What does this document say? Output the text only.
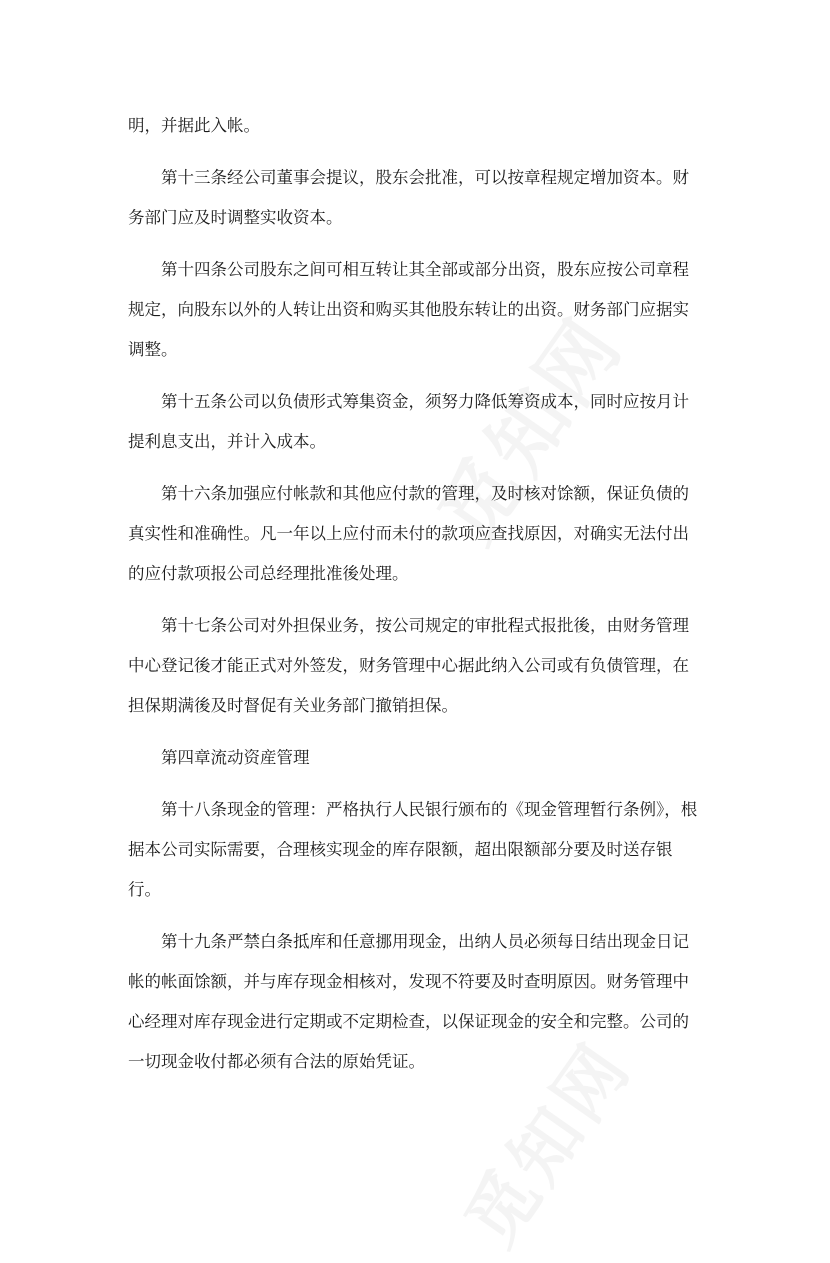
明，并据此入帐。
第十三条经公司董事会提议，股东会批准，可以按章程规定增加资本。财
务部门应及时调整实收资本。
第十四条公司股东之间可相互转让其全部或部分出资，股东应按公司章程
规定，向股东以外的人转让出资和购买其他股东转让的出资。财务部门应据实
调整。
第十五条公司以负债形式筹集资金，须努力降低筹资成本，同时应按月计
提利息支出，并计入成本。
第十六条加强应付帐款和其他应付款的管理，及时核对馀额，保证负债的
真实性和准确性。凡一年以上应付而未付的款项应查找原因，对确实无法付出
的应付款项报公司总经理批准後处理。
第十七条公司对外担保业务，按公司规定的审批程式报批後，由财务管理
中心登记後才能正式对外签发，财务管理中心据此纳入公司或有负债管理，在
担保期满後及时督促有关业务部门撤销担保。
第四章流动资産管理
第十八条现金的管理：严格执行人民银行颁布的《现金管理暂行条例》，根
据本公司实际需要，合理核实现金的库存限额，超出限额部分要及时送存银
行。
第十九条严禁白条抵库和任意挪用现金，出纳人员必须每日结出现金日记
帐的帐面馀额，并与库存现金相核对，发现不符要及时查明原因。财务管理中
心经理对库存现金进行定期或不定期检查，以保证现金的安全和完整。公司的
一切现金收付都必须有合法的原始凭证。
